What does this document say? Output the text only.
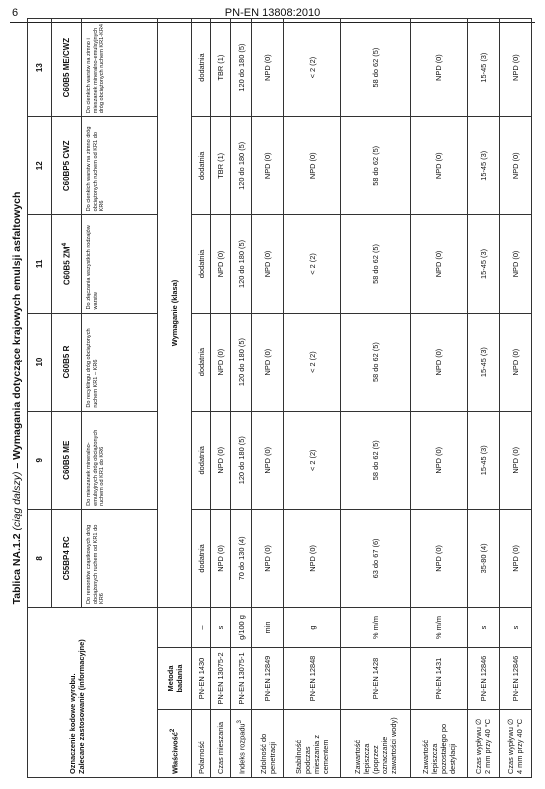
6	PN-EN 13808:2010
Tablica NA.1.2 (ciąg dalszy) – Wymagania dotyczące krajowych emulsji asfaltowych
Oznaczenie kodowe wyrobu. Zalecane zastosowanie (informacyjne)			8	9	10	11	12	13
			C55BP4 RC	C60B5 ME	C60B5 R	C60B5 $ZM^4$	C60BP5 CWZ	C60B5 ME/CWZ
			Do remontów cząstkowych dróg obciążonych ruchem od KR1 do KR6	Do mieszanek mineralno-emulsyjnych dróg obciążonych ruchem od KR1 do KR6	Do recyklingu dróg obciążonych ruchem KR1 – KR6	Do złączania wszystkich rodzajów warstw	Do cienkich warstw na zimno dróg obciążonych ruchem od KR1 do KR6	Do cienkich warstw na zimno i mieszanek mineralno-emulsyjnych dróg obciążonych ruchem KR1-KR4
Właściwość$^2$	Metoda badania		Wymaganie (klasa)					
Polarność	PN-EN 1430	–	dodatnia	dodatnia	dodatnia	dodatnia	dodatnia	dodatnia
Czas mieszania	PN-EN 13075-2	s	NPD (0)	NPD (0)	NPD (0)	NPD (0)	TBR (1)	TBR (1)
Indeks rozpadu$^3$	PN-EN 13075-1	g/100 g	70 do 130 (4)	120 do 180 (5)	120 do 180 (5)	120 do 180 (5)	120 do 180 (5)	120 do 180 (5)
Zdolność do penetracji	PN-EN 12849	min	NPD (0)	NPD (0)	NPD (0)	NPD (0)	NPD (0)	NPD (0)
Stabilność podczas mieszania z cementem	PN-EN 12848	g	NPD (0)	< 2 (2)	< 2 (2)	< 2 (2)	NPD (0)	< 2 (2)
Zawartość lepiszcza (poprzez oznaczanie zawartości wody)	PN-EN 1428	% m/m	63 do 67 (6)	58 do 62 (5)	58 do 62 (5)	58 do 62 (5)	58 do 62 (5)	58 do 62 (5)
Zawartość lepiszcza pozostałego po destylacji	PN-EN 1431	% m/m	NPD (0)	NPD (0)	NPD (0)	NPD (0)	NPD (0)	NPD (0)
Czas wypływu ∅ 2 mm przy 40 °C	PN-EN 12846	s	35-80 (4)	15-45 (3)	15-45 (3)	15-45 (3)	15-45 (3)	15-45 (3)
Czas wypływu ∅ 4 mm przy 40 °C	PN-EN 12846	s	NPD (0)	NPD (0)	NPD (0)	NPD (0)	NPD (0)	NPD (0)
